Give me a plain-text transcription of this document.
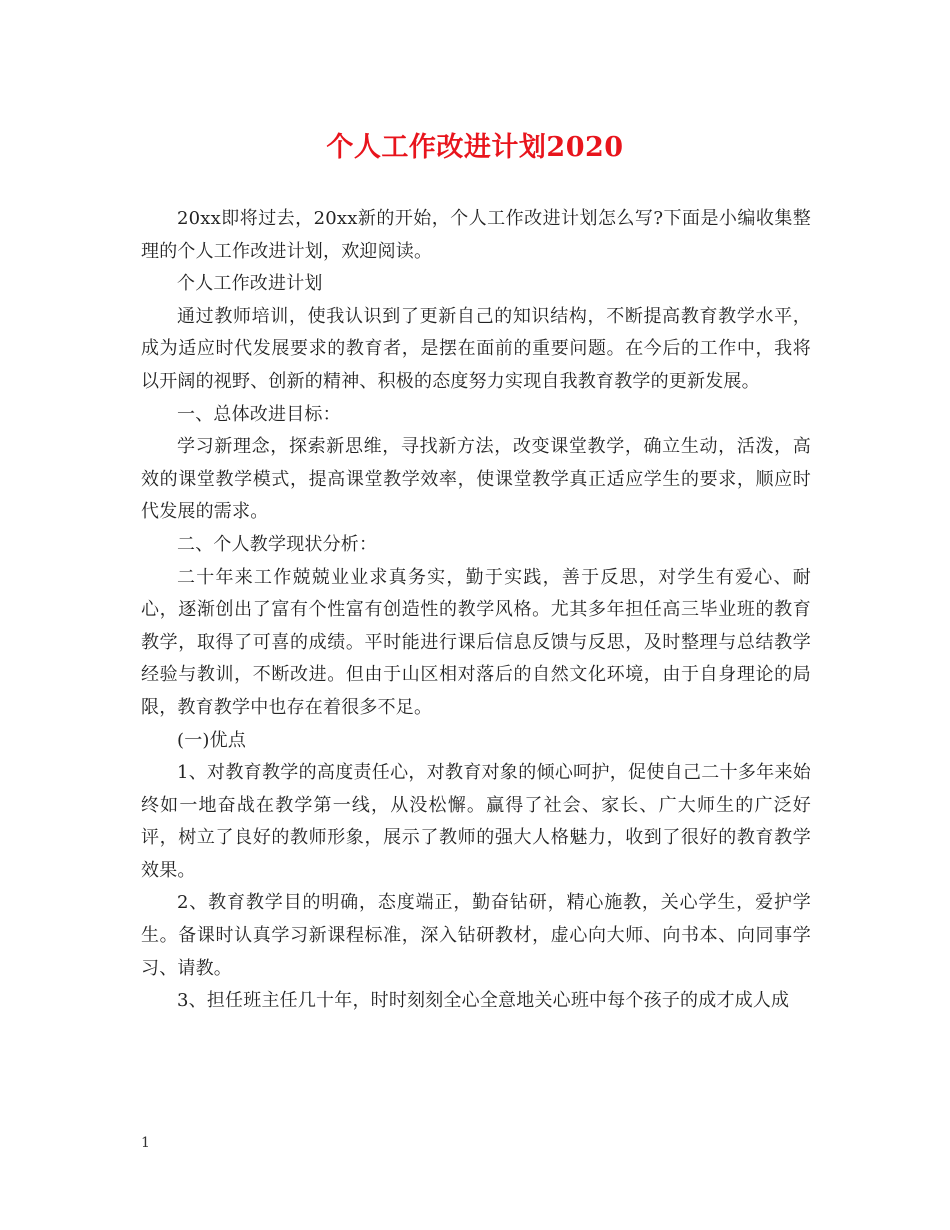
个人工作改进计划2020

20xx即将过去，20xx新的开始，个人工作改进计划怎么写?下面是小编收集整理的个人工作改进计划，欢迎阅读。

个人工作改进计划

通过教师培训，使我认识到了更新自己的知识结构，不断提高教育教学水平，成为适应时代发展要求的教育者，是摆在面前的重要问题。在今后的工作中，我将以开阔的视野、创新的精神、积极的态度努力实现自我教育教学的更新发展。

一、总体改进目标：

学习新理念，探索新思维，寻找新方法，改变课堂教学，确立生动，活泼，高效的课堂教学模式，提高课堂教学效率，使课堂教学真正适应学生的要求，顺应时代发展的需求。

二、个人教学现状分析：

二十年来工作兢兢业业求真务实，勤于实践，善于反思，对学生有爱心、耐心，逐渐创出了富有个性富有创造性的教学风格。尤其多年担任高三毕业班的教育教学，取得了可喜的成绩。平时能进行课后信息反馈与反思，及时整理与总结教学经验与教训，不断改进。但由于山区相对落后的自然文化环境，由于自身理论的局限，教育教学中也存在着很多不足。

(一)优点

1、对教育教学的高度责任心，对教育对象的倾心呵护，促使自己二十多年来始终如一地奋战在教学第一线，从没松懈。赢得了社会、家长、广大师生的广泛好评，树立了良好的教师形象，展示了教师的强大人格魅力，收到了很好的教育教学效果。

2、教育教学目的明确，态度端正，勤奋钻研，精心施教，关心学生，爱护学生。备课时认真学习新课程标准，深入钻研教材，虚心向大师、向书本、向同事学习、请教。

3、担任班主任几十年，时时刻刻全心全意地关心班中每个孩子的成才成人成

1
